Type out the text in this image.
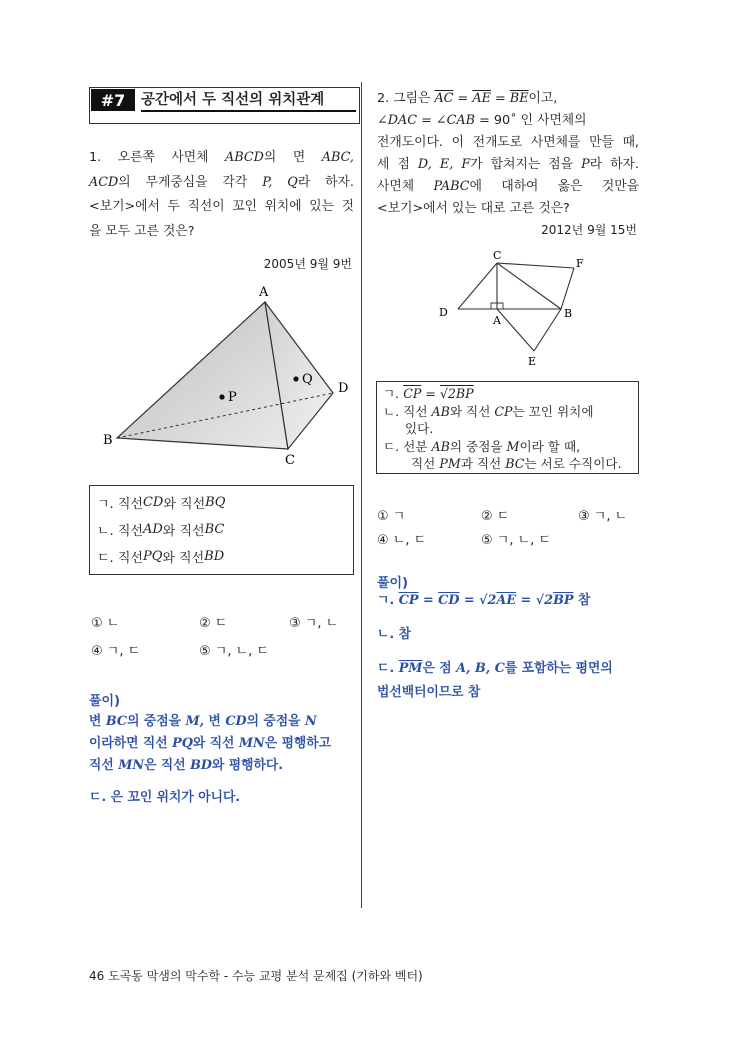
#7	공간에서 두 직선의 위치관계
1. 오른쪽 사면체 ABCD의 면 ABC,
ACD의 무게중심을 각각 P, Q라 하자.
<보기>에서 두 직선이 꼬인 위치에 있는 것
을 모두 고른 것은?
2005년 9월 9번
A
B
C
D
P
Q
ㄱ. 직선 CD 와 직선 BQ
ㄴ. 직선 AD 와 직선 BC
ㄷ. 직선 PQ 와 직선 BD
① ㄴ	② ㄷ	③ ㄱ, ㄴ
④ ㄱ, ㄷ	⑤ ㄱ, ㄴ, ㄷ
풀이)
변 BC의 중점을 M, 변 CD의 중점을 N
이라하면 직선 PQ와 직선 MN은 평행하고
직선 MN은 직선 BD와 평행하다.
ㄷ. 은 꼬인 위치가 아니다.
2. 그림은 $\overline{AC} = \overline{AE} = \overline{BE}$이고,
∠DAC = ∠CAB = 90˚ 인 사면체의
전개도이다. 이 전개도로 사면체를 만들 때,
세 점 D, E, F가 합쳐지는 점을 P라 하자.
사면체 PABC에 대하여 옳은 것만을
<보기>에서 있는 대로 고른 것은?
2012년 9월 15번
C
F
D
A
B
E
ㄱ. $\overline{CP} = √2\overline{BP}$
ㄴ. 직선 AB와 직선 CP는 꼬인 위치에
있다.
ㄷ. 선분 AB의 중점을 M이라 할 때,
직선 PM과 직선 BC는 서로 수직이다.
① ㄱ	② ㄷ	③ ㄱ, ㄴ
④ ㄴ, ㄷ	⑤ ㄱ, ㄴ, ㄷ
풀이)
ㄱ. $\overline{CP} = \overline{CD} = √2\overline{AE} = √2\overline{BP}$ 참
ㄴ. 참
ㄷ. $\overline{PM}$은 점 A, B, C를 포함하는 평면의
법선백터이므로 참
46 도곡동 막샘의 막수학 - 수능 교평 분석 문제집 (기하와 벡터)
